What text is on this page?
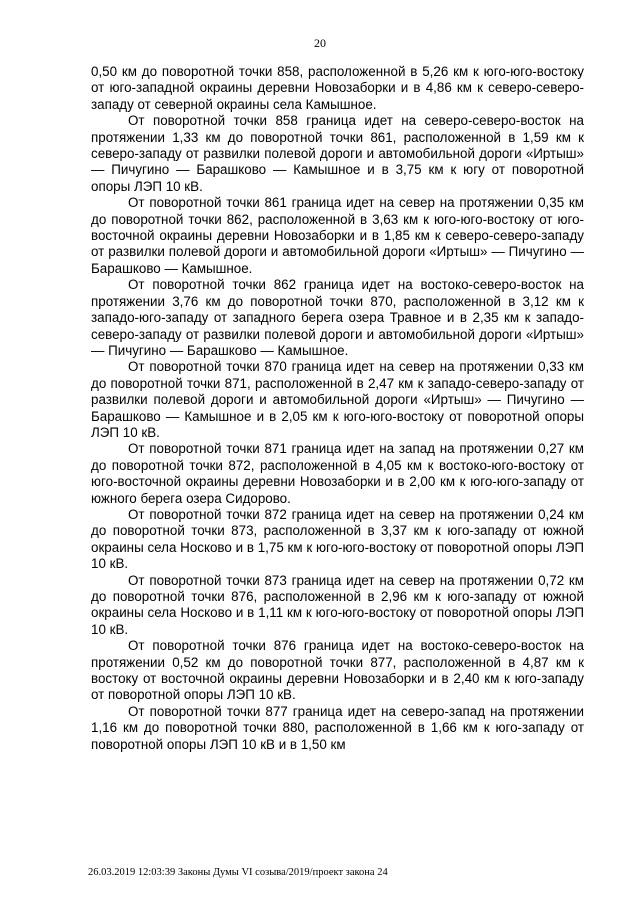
20

0,50 км до поворотной точки 858, расположенной в 5,26 км к юго-юго-востоку от юго-западной окраины деревни Новозаборки и в 4,86 км к северо-северо-западу от северной окраины села Камышное.

От поворотной точки 858 граница идет на северо-северо-восток на протяжении 1,33 км до поворотной точки 861, расположенной в 1,59 км к северо-западу от развилки полевой дороги и автомобильной дороги «Иртыш» — Пичугино — Барашково — Камышное и в 3,75 км к югу от поворотной опоры ЛЭП 10 кВ.

От поворотной точки 861 граница идет на север на протяжении 0,35 км до поворотной точки 862, расположенной в 3,63 км к юго-юго-востоку от юго- восточной окраины деревни Новозаборки и в 1,85 км к северо-северо-западу от развилки полевой дороги и автомобильной дороги «Иртыш» — Пичугино — Барашково — Камышное.

От поворотной точки 862 граница идет на востоко-северо-восток на протяжении 3,76 км до поворотной точки 870, расположенной в 3,12 км к западо-юго-западу от западного берега озера Травное и в 2,35 км к западо-северо-западу от развилки полевой дороги и автомобильной дороги «Иртыш» — Пичугино — Барашково — Камышное.

От поворотной точки 870 граница идет на север на протяжении 0,33 км до поворотной точки 871, расположенной в 2,47 км к западо-северо-западу от развилки полевой дороги и автомобильной дороги «Иртыш» — Пичугино — Барашково — Камышное и в 2,05 км к юго-юго-востоку от поворотной опоры ЛЭП 10 кВ.

От поворотной точки 871 граница идет на запад на протяжении 0,27 км до поворотной точки 872, расположенной в 4,05 км к востоко-юго-востоку от юго-восточной окраины деревни Новозаборки и в 2,00 км к юго-юго-западу от южного берега озера Сидорово.

От поворотной точки 872 граница идет на север на протяжении 0,24 км до поворотной точки 873, расположенной в 3,37 км к юго-западу от южной окраины села Носково и в 1,75 км к юго-юго-востоку от поворотной опоры ЛЭП 10 кВ.

От поворотной точки 873 граница идет на север на протяжении 0,72 км до поворотной точки 876, расположенной в 2,96 км к юго-западу от южной окраины села Носково и в 1,11 км к юго-юго-востоку от поворотной опоры ЛЭП 10 кВ.

От поворотной точки 876 граница идет на востоко-северо-восток на протяжении 0,52 км до поворотной точки 877, расположенной в 4,87 км к востоку от восточной окраины деревни Новозаборки и в 2,40 км к юго-западу от поворотной опоры ЛЭП 10 кВ.

От поворотной точки 877 граница идет на северо-запад на протяжении 1,16 км до поворотной точки 880, расположенной в 1,66 км к юго-западу от поворотной опоры ЛЭП 10 кВ и в 1,50 км

26.03.2019 12:03:39 Законы Думы VI созыва/2019/проект закона 24
